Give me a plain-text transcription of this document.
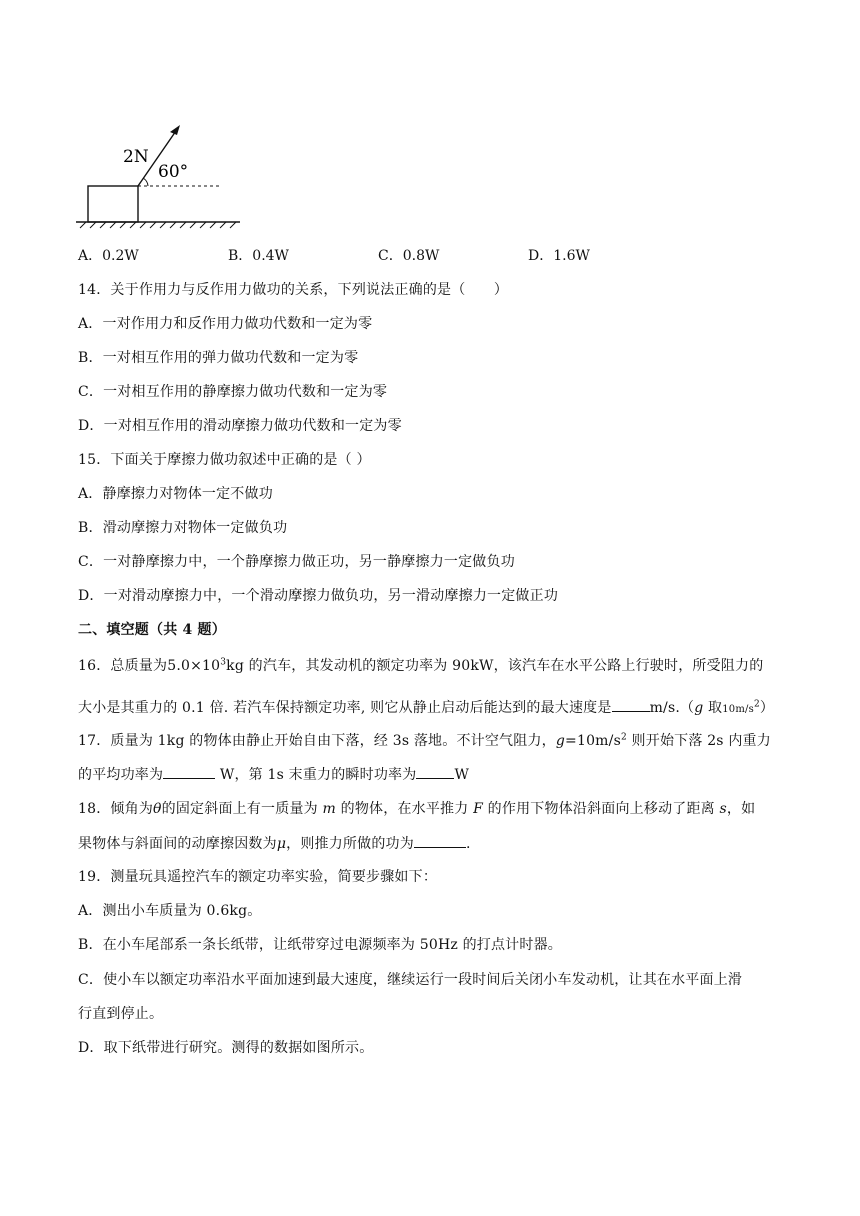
2N
60°
A．0.2W	B．0.4W	C．0.8W	D．1.6W
14．关于作用力与反作用力做功的关系，下列说法正确的是（　　）
A．一对作用力和反作用力做功代数和一定为零
B．一对相互作用的弹力做功代数和一定为零
C．一对相互作用的静摩擦力做功代数和一定为零
D．一对相互作用的滑动摩擦力做功代数和一定为零
15．下面关于摩擦力做功叙述中正确的是（ ）
A．静摩擦力对物体一定不做功
B．滑动摩擦力对物体一定做负功
C．一对静摩擦力中，一个静摩擦力做正功，另一静摩擦力一定做负功
D．一对滑动摩擦力中，一个滑动摩擦力做负功，另一滑动摩擦力一定做正功
二、填空题（共 4 题）
16．总质量为$5.0\times 10^3kg$ 的汽车，其发动机的额定功率为 90kW，该汽车在水平公路上行驶时，所受阻力的
大小是其重力的 0.1 倍. 若汽车保持额定功率, 则它从静止启动后能达到的最大速度是	m/s.（g 取$10m/s^2$）
17．质量为 1kg 的物体由静止开始自由下落，经 3s 落地。不计空气阻力，$g=10m/s^2$ 则开始下落 2s 内重力
的平均功率为	W，第 1s 末重力的瞬时功率为	W
18．倾角为θ的固定斜面上有一质量为 m 的物体，在水平推力 F 的作用下物体沿斜面向上移动了距离 s，如
果物体与斜面间的动摩擦因数为μ，则推力所做的功为	.
19．测量玩具遥控汽车的额定功率实验，简要步骤如下：
A．测出小车质量为 0.6kg。
B．在小车尾部系一条长纸带，让纸带穿过电源频率为 50Hz 的打点计时器。
C．使小车以额定功率沿水平面加速到最大速度，继续运行一段时间后关闭小车发动机，让其在水平面上滑
行直到停止。
D．取下纸带进行研究。测得的数据如图所示。
